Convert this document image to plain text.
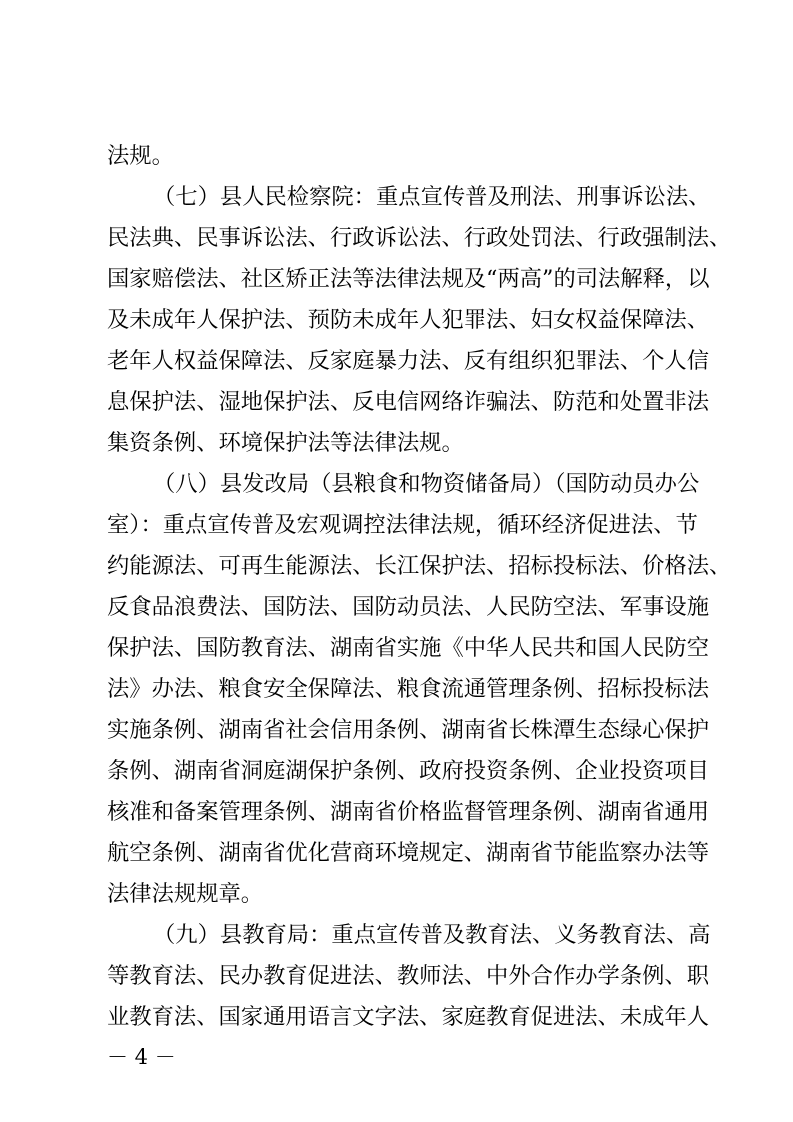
法规。
（七）县人民检察院：重点宣传普及刑法、刑事诉讼法、
民法典、民事诉讼法、行政诉讼法、行政处罚法、行政强制法、
国家赔偿法、社区矫正法等法律法规及“两高”的司法解释，以
及未成年人保护法、预防未成年人犯罪法、妇女权益保障法、
老年人权益保障法、反家庭暴力法、反有组织犯罪法、个人信
息保护法、湿地保护法、反电信网络诈骗法、防范和处置非法
集资条例、环境保护法等法律法规。
（八）县发改局（县粮食和物资储备局）（国防动员办公
室）：重点宣传普及宏观调控法律法规，循环经济促进法、节
约能源法、可再生能源法、长江保护法、招标投标法、价格法、
反食品浪费法、国防法、国防动员法、人民防空法、军事设施
保护法、国防教育法、湖南省实施《中华人民共和国人民防空
法》办法、粮食安全保障法、粮食流通管理条例、招标投标法
实施条例、湖南省社会信用条例、湖南省长株潭生态绿心保护
条例、湖南省洞庭湖保护条例、政府投资条例、企业投资项目
核准和备案管理条例、湖南省价格监督管理条例、湖南省通用
航空条例、湖南省优化营商环境规定、湖南省节能监察办法等
法律法规规章。
（九）县教育局：重点宣传普及教育法、义务教育法、高
等教育法、民办教育促进法、教师法、中外合作办学条例、职
业教育法、国家通用语言文字法、家庭教育促进法、未成年人
－ 4 －
